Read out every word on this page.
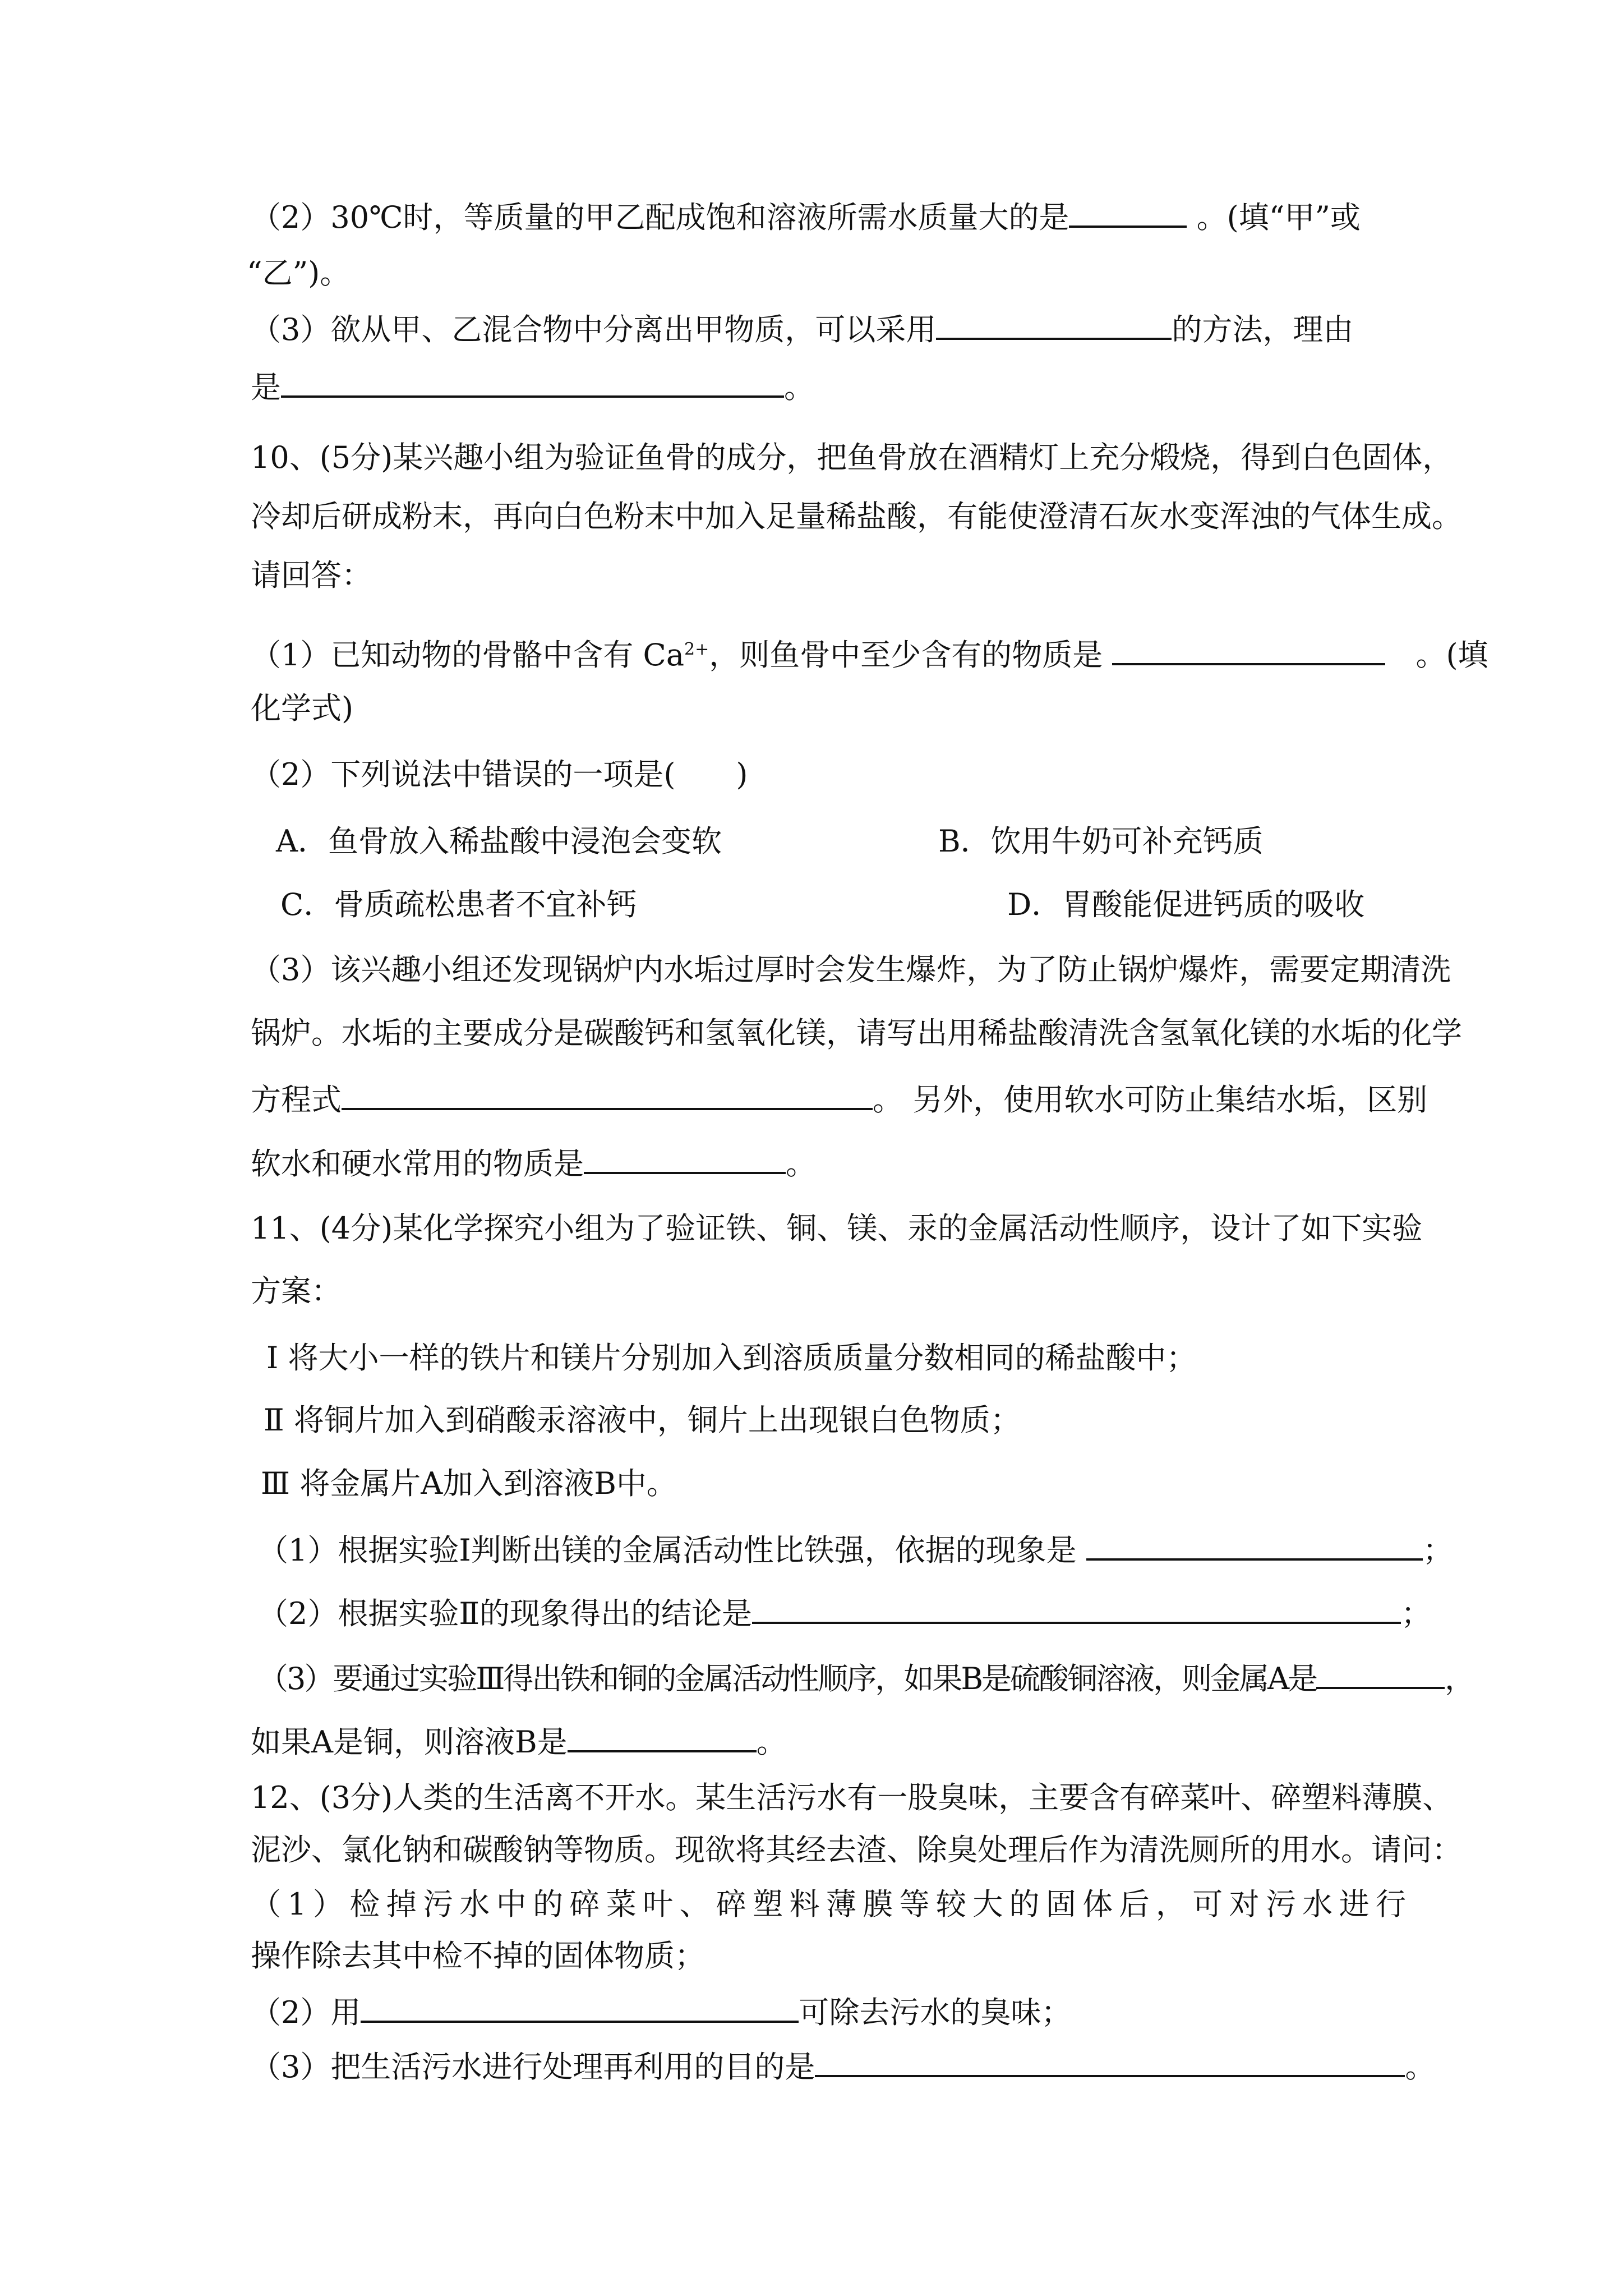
（2）30℃时，等质量的甲乙配成饱和溶液所需水质量大的是	。(填“甲”或
“乙”)。
（3）欲从甲、乙混合物中分离出甲物质，可以采用	的方法，理由
是	。
10、(5分)某兴趣小组为验证鱼骨的成分，把鱼骨放在酒精灯上充分煅烧，得到白色固体，
冷却后研成粉末，再向白色粉末中加入足量稀盐酸，有能使澄清石灰水变浑浊的气体生成。
请回答：
（1）已知动物的骨骼中含有 $Ca^{2+}$，则鱼骨中至少含有的物质是	　。(填
化学式)
（2）下列说法中错误的一项是(　　)
A．鱼骨放入稀盐酸中浸泡会变软	B．饮用牛奶可补充钙质
C．骨质疏松患者不宜补钙	D．胃酸能促进钙质的吸收
（3）该兴趣小组还发现锅炉内水垢过厚时会发生爆炸，为了防止锅炉爆炸，需要定期清洗
锅炉。水垢的主要成分是碳酸钙和氢氧化镁，请写出用稀盐酸清洗含氢氧化镁的水垢的化学
方程式	。 另外，使用软水可防止集结水垢，区别
软水和硬水常用的物质是	。
11、(4分)某化学探究小组为了验证铁、铜、镁、汞的金属活动性顺序，设计了如下实验
方案：
Ⅰ 将大小一样的铁片和镁片分别加入到溶质质量分数相同的稀盐酸中；
Ⅱ 将铜片加入到硝酸汞溶液中，铜片上出现银白色物质；
Ⅲ 将金属片A加入到溶液B中。
（1）根据实验Ⅰ判断出镁的金属活动性比铁强，依据的现象是	；
（2）根据实验Ⅱ的现象得出的结论是	；
（3）要通过实验Ⅲ得出铁和铜的金属活动性顺序，如果B是硫酸铜溶液，则金属A是	，
如果A是铜，则溶液B是	。
12、(3分)人类的生活离不开水。某生活污水有一股臭味，主要含有碎菜叶、碎塑料薄膜、
泥沙、氯化钠和碳酸钠等物质。现欲将其经去渣、除臭处理后作为清洗厕所的用水。请问：
（1）检掉污水中的碎菜叶、碎塑料薄膜等较大的固体后，可对污水进行
操作除去其中检不掉的固体物质；
（2）用	可除去污水的臭味；
（3）把生活污水进行处理再利用的目的是	。
